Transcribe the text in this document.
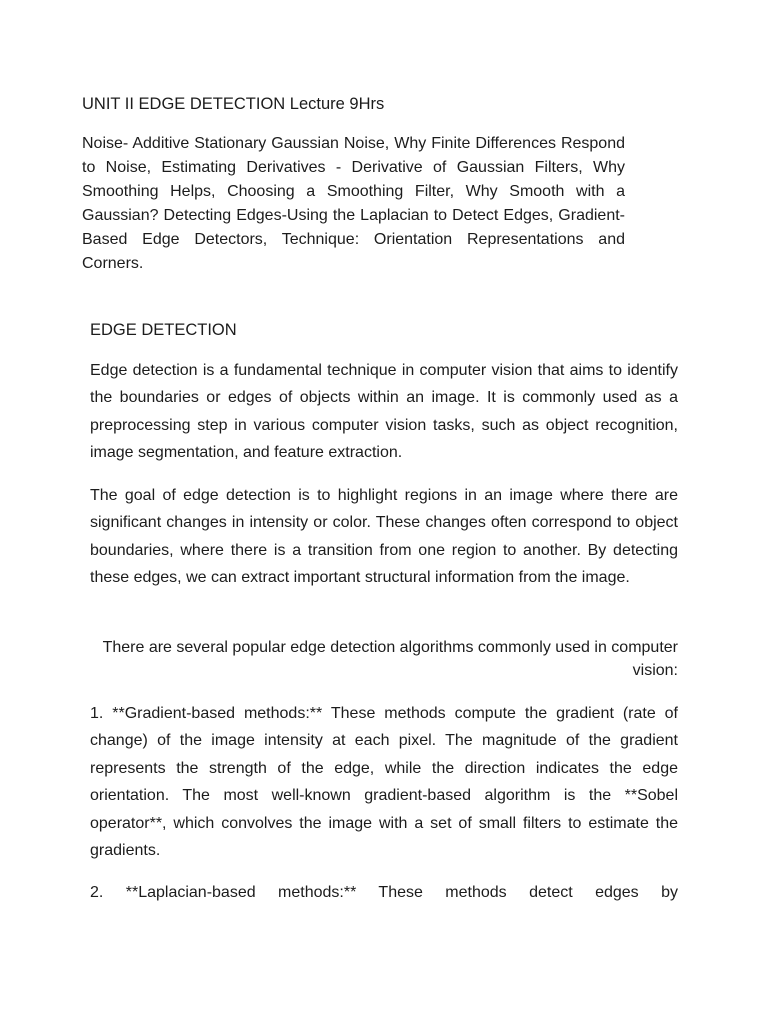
UNIT II EDGE DETECTION Lecture 9Hrs

Noise- Additive Stationary Gaussian Noise, Why Finite Differences Respond to Noise, Estimating Derivatives - Derivative of Gaussian Filters, Why Smoothing Helps, Choosing a Smoothing Filter, Why Smooth with a Gaussian? Detecting Edges-Using the Laplacian to Detect Edges, Gradient-Based Edge Detectors, Technique: Orientation Representations and Corners.

EDGE DETECTION

Edge detection is a fundamental technique in computer vision that aims to identify the boundaries or edges of objects within an image. It is commonly used as a preprocessing step in various computer vision tasks, such as object recognition, image segmentation, and feature extraction.

The goal of edge detection is to highlight regions in an image where there are significant changes in intensity or color. These changes often correspond to object boundaries, where there is a transition from one region to another. By detecting these edges, we can extract important structural information from the image.

There are several popular edge detection algorithms commonly used in computer vision:

1. **Gradient-based methods:** These methods compute the gradient (rate of change) of the image intensity at each pixel. The magnitude of the gradient represents the strength of the edge, while the direction indicates the edge orientation. The most well-known gradient-based algorithm is the **Sobel operator**, which convolves the image with a set of small filters to estimate the gradients.

2. **Laplacian-based methods:** These methods detect edges by
